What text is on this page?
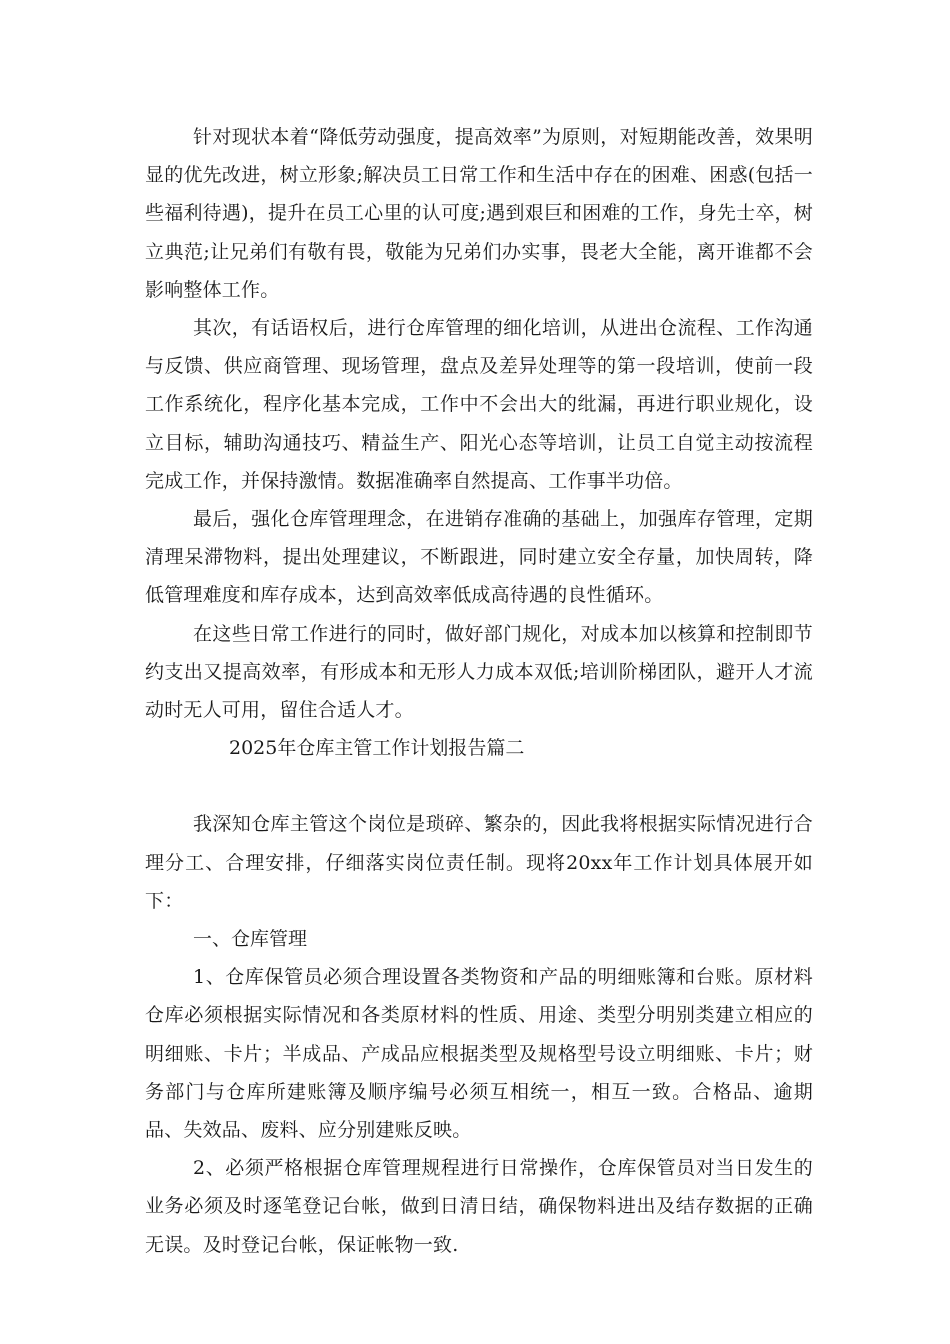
针对现状本着“降低劳动强度，提高效率”为原则，对短期能改善，效果明显的优先改进，树立形象;解决员工日常工作和生活中存在的困难、困惑(包括一些福利待遇)，提升在员工心里的认可度;遇到艰巨和困难的工作，身先士卒，树立典范;让兄弟们有敬有畏，敬能为兄弟们办实事，畏老大全能，离开谁都不会影响整体工作。

其次，有话语权后，进行仓库管理的细化培训，从进出仓流程、工作沟通与反馈、供应商管理、现场管理，盘点及差异处理等的第一段培训，使前一段工作系统化，程序化基本完成，工作中不会出大的纰漏，再进行职业规化，设立目标，辅助沟通技巧、精益生产、阳光心态等培训，让员工自觉主动按流程完成工作，并保持激情。数据准确率自然提高、工作事半功倍。

最后，强化仓库管理理念，在进销存准确的基础上，加强库存管理，定期清理呆滞物料，提出处理建议，不断跟进，同时建立安全存量，加快周转，降低管理难度和库存成本，达到高效率低成高待遇的良性循环。

在这些日常工作进行的同时，做好部门规化，对成本加以核算和控制即节约支出又提高效率，有形成本和无形人力成本双低;培训阶梯团队，避开人才流动时无人可用，留住合适人才。

2025年仓库主管工作计划报告篇二

我深知仓库主管这个岗位是琐碎、繁杂的，因此我将根据实际情况进行合理分工、合理安排，仔细落实岗位责任制。现将20xx年工作计划具体展开如下：

一、仓库管理

1、仓库保管员必须合理设置各类物资和产品的明细账簿和台账。原材料仓库必须根据实际情况和各类原材料的性质、用途、类型分明别类建立相应的明细账、卡片；半成品、产成品应根据类型及规格型号设立明细账、卡片；财务部门与仓库所建账簿及顺序编号必须互相统一，相互一致。合格品、逾期品、失效品、废料、应分别建账反映。

2、必须严格根据仓库管理规程进行日常操作，仓库保管员对当日发生的业务必须及时逐笔登记台帐，做到日清日结，确保物料进出及结存数据的正确无误。及时登记台帐，保证帐物一致.
